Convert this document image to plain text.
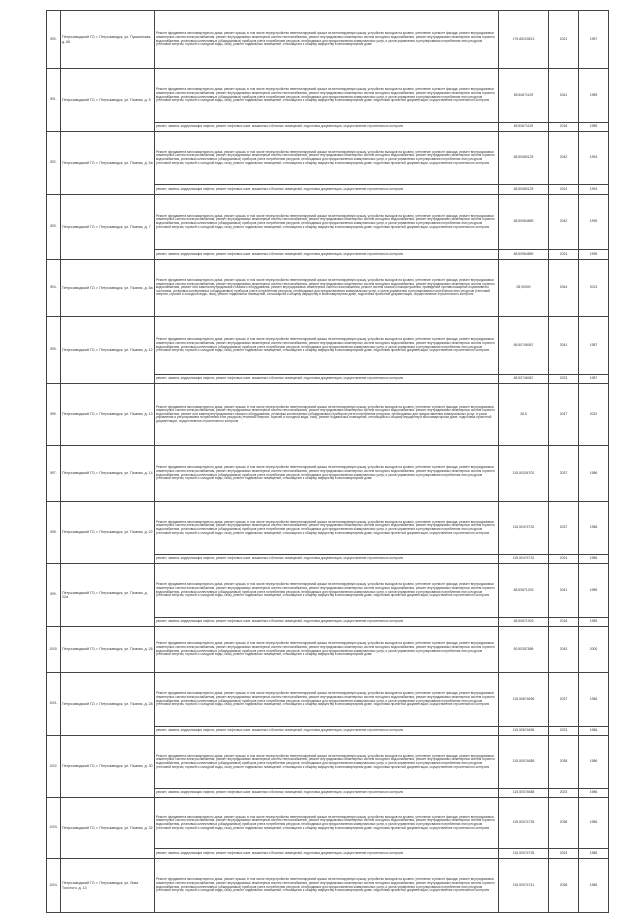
890.	Петрозаводский ГО, г. Петрозаводск, ул. Пушкинская, д. 65	Ремонт фундамента многоквартирного дома, ремонт крыши, в том числе переустройство невентилируемой крыши на вентилируемую крышу, устройство выходов на кровлю, утепление и ремонт фасада, ремонт внутридомовых инженерных систем электроснабжения, ремонт внутридомовых инженерных систем теплоснабжения, ремонт внутридомовых инженерных систем холодного водоснабжения, ремонт внутридомовых инженерных систем горячего водоснабжения, установка коллективных (общедомовых) приборов учета потребления ресурсов, необходимых для предоставления коммунальных услуг, и узлов управления и регулирования потребления этих ресурсов (тепловой энергии, горячей и холодной воды, газа), ремонт подвальных помещений, относящихся к общему имуществу в многоквартирном доме	175,65103513	2021	1957
891.	Петрозаводский ГО, г. Петрозаводск, ул. Пьяная, д. 5	Ремонт фундамента многоквартирного дома, ремонт крыши, в том числе переустройство невентилируемой крыши на вентилируемую крышу, устройство выходов на кровлю, утепление и ремонт фасада, ремонт внутридомовых инженерных систем электроснабжения, ремонт внутридомовых инженерных систем теплоснабжения, ремонт внутридомовых инженерных систем холодного водоснабжения, ремонт внутридомовых инженерных систем горячего водоснабжения, установка коллективных (общедомовых) приборов учета потребления ресурсов, необходимых для предоставления коммунальных услуг, и узлов управления и регулирования потребления этих ресурсов (тепловой энергии, горячей и холодной воды, газа), ремонт подвальных помещений, относящихся к общему имуществу в многоквартирном доме, подготовка проектной документации, осуществление строительного контроля	65,50671129	2041	1989
		ремонт, замена, модернизация лифтов, ремонт лифтовых шахт, машинных и блочных помещений, подготовка документации, осуществление строительного контроля	65,50671129	2018	1989
892.	Петрозаводский ГО, г. Петрозаводск, ул. Пьяная, д. 5а	Ремонт фундамента многоквартирного дома, ремонт крыши, в том числе переустройство невентилируемой крыши на вентилируемую крышу, устройство выходов на кровлю, утепление и ремонт фасада, ремонт внутридомовых инженерных систем электроснабжения, ремонт внутридомовых инженерных систем теплоснабжения, ремонт внутридомовых инженерных систем холодного водоснабжения, ремонт внутридомовых инженерных систем горячего водоснабжения, установка коллективных (общедомовых) приборов учета потребления ресурсов, необходимых для предоставления коммунальных услуг, и узлов управления и регулирования потребления этих ресурсов (тепловой энергии, горячей и холодной воды, газа), ремонт подвальных помещений, относящихся к общему имуществу в многоквартирном доме, подготовка проектной документации, осуществление строительного контроля	65,50080125	2042	1994
		ремонт, замена, модернизация лифтов, ремонт лифтовых шахт, машинных и блочных помещений, подготовка документации, осуществление строительного контроля	65,50080125	2024	1994
893.	Петрозаводский ГО, г. Петрозаводск, ул. Пьяная, д. 7	Ремонт фундамента многоквартирного дома, ремонт крыши, в том числе переустройство невентилируемой крыши на вентилируемую крышу, устройство выходов на кровлю, утепление и ремонт фасада, ремонт внутридомовых инженерных систем электроснабжения, ремонт внутридомовых инженерных систем теплоснабжения, ремонт внутридомовых инженерных систем холодного водоснабжения, ремонт внутридомовых инженерных систем горячего водоснабжения, установка коллективных (общедомовых) приборов учета потребления ресурсов, необходимых для предоставления коммунальных услуг, и узлов управления и регулирования потребления этих ресурсов (тепловой энергии, горячей и холодной воды, газа), ремонт подвальных помещений, относящихся к общему имуществу в многоквартирном доме, подготовка проектной документации, осуществление строительного контроля	65,50964859	2042	1995
		ремонт, замена, модернизация лифтов, ремонт лифтовых шахт, машинных и блочных помещений, подготовка документации, осуществление строительного контроля	65,50964859	2024	1995
894.	Петрозаводский ГО, г. Петрозаводск, ул. Пьяная, д. 8а	Ремонт фундамента многоквартирного дома, ремонт крыши, в том числе переустройство невентилируемой крыши на вентилируемую крышу, устройство выходов на кровлю, утепление и ремонт фасада, ремонт внутридомовых инженерных систем электроснабжения, ремонт внутридомовых инженерных систем теплоснабжения, ремонт внутридомовых инженерных систем холодного водоснабжения, ремонт внутридомовых инженерных систем горячего водоснабжения, ремонт или замена внутридомового газового оборудования, ремонт внутридомовых инженерных систем газоснабжения, ремонт систем газового пожаротушения, приведение противопожарной нормативного состояния, установка коллективных (общедомовых) приборов учета потребления ресурсов, необходимых для предоставления коммунальных услуг, и узлов управления и регулирования потребления этих ресурсов (тепловой энергии, горячей и холодной воды, газа), ремонт подвальных помещений, относящихся к общему имуществу в многоквартирном доме, подготовка проектной документации, осуществление строительного контроля	28,90000	2044	2013
895.	Петрозаводский ГО, г. Петрозаводск, ул. Пьяная, д. 12	Ремонт фундамента многоквартирного дома, ремонт крыши, в том числе переустройство невентилируемой крыши на вентилируемую крышу, устройство выходов на кровлю, утепление и ремонт фасада, ремонт внутридомовых инженерных систем электроснабжения, ремонт внутридомовых инженерных систем теплоснабжения, ремонт внутридомовых инженерных систем холодного водоснабжения, ремонт внутридомовых инженерных систем горячего водоснабжения, установка коллективных (общедомовых) приборов учета потребления ресурсов, необходимых для предоставления коммунальных услуг, и узлов управления и регулирования потребления этих ресурсов (тепловой энергии, горячей и холодной воды, газа), ремонт подвальных помещений, относящихся к общему имуществу в многоквартирном доме, подготовка проектной документации, осуществление строительного контроля	65,50746067	2041	1987
		ремонт, замена, модернизация лифтов, ремонт лифтовых шахт, машинных и блочных помещений, подготовка документации, осуществление строительного контроля	65,50746067	2023	1987
896.	Петрозаводский ГО, г. Петрозаводск, ул. Пьяная, д. 13	Ремонт фундамента многоквартирного дома, ремонт крыши, в том числе переустройство невентилируемой крыши на вентилируемую крышу, устройство выходов на кровлю, утепление и ремонт фасада, ремонт внутридомовых инженерных систем электроснабжения, ремонт внутридомовых инженерных систем теплоснабжения, ремонт внутридомовых инженерных систем холодного водоснабжения, ремонт внутридомовых инженерных систем горячего водоснабжения, ремонт или замена внутридомового газового оборудования, установка коллективных (общедомовых) приборов учета потребления ресурсов, необходимых для предоставления коммунальных услуг, и узлов управления и регулирования потребления этих ресурсов (тепловой энергии, горячей и холодной воды, газа), ремонт подвальных помещений, относящихся к общему имуществу в многоквартирном доме, подготовка проектной документации, осуществление строительного контроля	28,5	2047	2022
897.	Петрозаводский ГО, г. Петрозаводск, ул. Пьяная, д. 14	Ремонт фундамента многоквартирного дома, ремонт крыши, в том числе переустройство невентилируемой крыши на вентилируемую крышу, устройство выходов на кровлю, утепление и ремонт фасада, ремонт внутридомовых инженерных систем электроснабжения, ремонт внутридомовых инженерных систем теплоснабжения, ремонт внутридомовых инженерных систем холодного водоснабжения, ремонт внутридомовых инженерных систем горячего водоснабжения, установка коллективных (общедомовых) приборов учета потребления ресурсов, необходимых для предоставления коммунальных услуг, и узлов управления и регулирования потребления этих ресурсов (тепловой энергии, горячей и холодной воды, газа), ремонт подвальных помещений, относящихся к общему имуществу в многоквартирном доме	115,50334702	2037	1986
898.	Петрозаводский ГО, г. Петрозаводск, ул. Пьяная, д. 22	Ремонт фундамента многоквартирного дома, ремонт крыши, в том числе переустройство невентилируемой крыши на вентилируемую крышу, устройство выходов на кровлю, утепление и ремонт фасада, ремонт внутридомовых инженерных систем электроснабжения, ремонт внутридомовых инженерных систем теплоснабжения, ремонт внутридомовых инженерных систем холодного водоснабжения, ремонт внутридомовых инженерных систем горячего водоснабжения, установка коллективных (общедомовых) приборов учета потребления ресурсов, необходимых для предоставления коммунальных услуг, и узлов управления и регулирования потребления этих ресурсов (тепловой энергии, горячей и холодной воды, газа), ремонт подвальных помещений, относящихся к общему имуществу в многоквартирном доме, подготовка проектной документации, осуществление строительного контроля	115,50474732	2037	1986
		ремонт, замена, модернизация лифтов, ремонт лифтовых шахт, машинных и блочных помещений, подготовка документации, осуществление строительного контроля	115,50474732	2024	1986
899.	Петрозаводский ГО, г. Петрозаводск, ул. Пьяная, д. 22а	Ремонт фундамента многоквартирного дома, ремонт крыши, в том числе переустройство невентилируемой крыши на вентилируемую крышу, устройство выходов на кровлю, утепление и ремонт фасада, ремонт внутридомовых инженерных систем электроснабжения, ремонт внутридомовых инженерных систем теплоснабжения, ремонт внутридомовых инженерных систем холодного водоснабжения, ремонт внутридомовых инженерных систем горячего водоснабжения, установка коллективных (общедомовых) приборов учета потребления ресурсов, необходимых для предоставления коммунальных услуг, и узлов управления и регулирования потребления этих ресурсов (тепловой энергии, горячей и холодной воды, газа), ремонт подвальных помещений, относящихся к общему имуществу в многоквартирном доме, подготовка проектной документации, осуществление строительного контроля	65,50871003	2041	1989
		ремонт, замена, модернизация лифтов, ремонт лифтовых шахт, машинных и блочных помещений, подготовка документации, осуществление строительного контроля	65,50871003	2018	1989
1000.	Петрозаводский ГО, г. Петрозаводск, ул. Пьяная, д. 26	Ремонт фундамента многоквартирного дома, ремонт крыши, в том числе переустройство невентилируемой крыши на вентилируемую крышу, устройство выходов на кровлю, утепление и ремонт фасада, ремонт внутридомовых инженерных систем электроснабжения, ремонт внутридомовых инженерных систем теплоснабжения, ремонт внутридомовых инженерных систем холодного водоснабжения, ремонт внутридомовых инженерных систем горячего водоснабжения, установка коллективных (общедомовых) приборов учета потребления ресурсов, необходимых для предоставления коммунальных услуг, и узлов управления и регулирования потребления этих ресурсов (тепловой энергии, горячей и холодной воды, газа), ремонт подвальных помещений, относящихся к общему имуществу в многоквартирном доме	50,50357568	2043	2000
1001.	Петрозаводский ГО, г. Петрозаводск, ул. Пьяная, д. 28	Ремонт фундамента многоквартирного дома, ремонт крыши, в том числе переустройство невентилируемой крыши на вентилируемую крышу, устройство выходов на кровлю, утепление и ремонт фасада, ремонт внутридомовых инженерных систем электроснабжения, ремонт внутридомовых инженерных систем теплоснабжения, ремонт внутридомовых инженерных систем холодного водоснабжения, ремонт внутридомовых инженерных систем горячего водоснабжения, установка коллективных (общедомовых) приборов учета потребления ресурсов, необходимых для предоставления коммунальных услуг, и узлов управления и регулирования потребления этих ресурсов (тепловой энергии, горячей и холодной воды, газа), ремонт подвальных помещений, относящихся к общему имуществу в многоквартирном доме, подготовка проектной документации, осуществление строительного контроля	115,50674696	2037	1986
		ремонт, замена, модернизация лифтов, ремонт лифтовых шахт, машинных и блочных помещений, подготовка документации, осуществление строительного контроля	115,50674696	2023	1986
1002.	Петрозаводский ГО, г. Петрозаводск, ул. Пьяная, д. 30	Ремонт фундамента многоквартирного дома, ремонт крыши, в том числе переустройство невентилируемой крыши на вентилируемую крышу, устройство выходов на кровлю, утепление и ремонт фасада, ремонт внутридомовых инженерных систем электроснабжения, ремонт внутридомовых инженерных систем теплоснабжения, ремонт внутридомовых инженерных систем холодного водоснабжения, ремонт внутридомовых инженерных систем горячего водоснабжения, установка коллективных (общедомовых) приборов учета потребления ресурсов, необходимых для предоставления коммунальных услуг, и узлов управления и регулирования потребления этих ресурсов (тепловой энергии, горячей и холодной воды, газа), ремонт подвальных помещений, относящихся к общему имуществу в многоквартирном доме, подготовка проектной документации, осуществление строительного контроля	115,50074688	2038	1986
		ремонт, замена, модернизация лифтов, ремонт лифтовых шахт, машинных и блочных помещений, подготовка документации, осуществление строительного контроля	115,50074688	2023	1986
1003.	Петрозаводский ГО, г. Петрозаводск, ул. Пьяная, д. 32	Ремонт фундамента многоквартирного дома, ремонт крыши, в том числе переустройство невентилируемой крыши на вентилируемую крышу, устройство выходов на кровлю, утепление и ремонт фасада, ремонт внутридомовых инженерных систем электроснабжения, ремонт внутридомовых инженерных систем теплоснабжения, ремонт внутридомовых инженерных систем холодного водоснабжения, ремонт внутридомовых инженерных систем горячего водоснабжения, установка коллективных (общедомовых) приборов учета потребления ресурсов, необходимых для предоставления коммунальных услуг, и узлов управления и регулирования потребления этих ресурсов (тепловой энергии, горячей и холодной воды, газа), ремонт подвальных помещений, относящихся к общему имуществу в многоквартирном доме, подготовка проектной документации, осуществление строительного контроля	115,50074735	2038	1986
		ремонт, замена, модернизация лифтов, ремонт лифтовых шахт, машинных и блочных помещений, подготовка документации, осуществление строительного контроля	115,50074735	2023	1986
1004.	Петрозаводский ГО, г. Петрозаводск, ул. Льва Толстого, д. 14	Ремонт фундамента многоквартирного дома, ремонт крыши, в том числе переустройство невентилируемой крыши на вентилируемую крышу, устройство выходов на кровлю, утепление и ремонт фасада, ремонт внутридомовых инженерных систем электроснабжения, ремонт внутридомовых инженерных систем теплоснабжения, ремонт внутридомовых инженерных систем холодного водоснабжения, ремонт внутридомовых инженерных систем горячего водоснабжения, установка коллективных (общедомовых) приборов учета потребления ресурсов, необходимых для предоставления коммунальных услуг, и узлов управления и регулирования потребления этих ресурсов (тепловой энергии, горячей и холодной воды, газа), ремонт подвальных помещений, относящихся к общему имуществу в многоквартирном доме, подготовка проектной документации, осуществление строительного контроля	115,50074741	2038	1986
